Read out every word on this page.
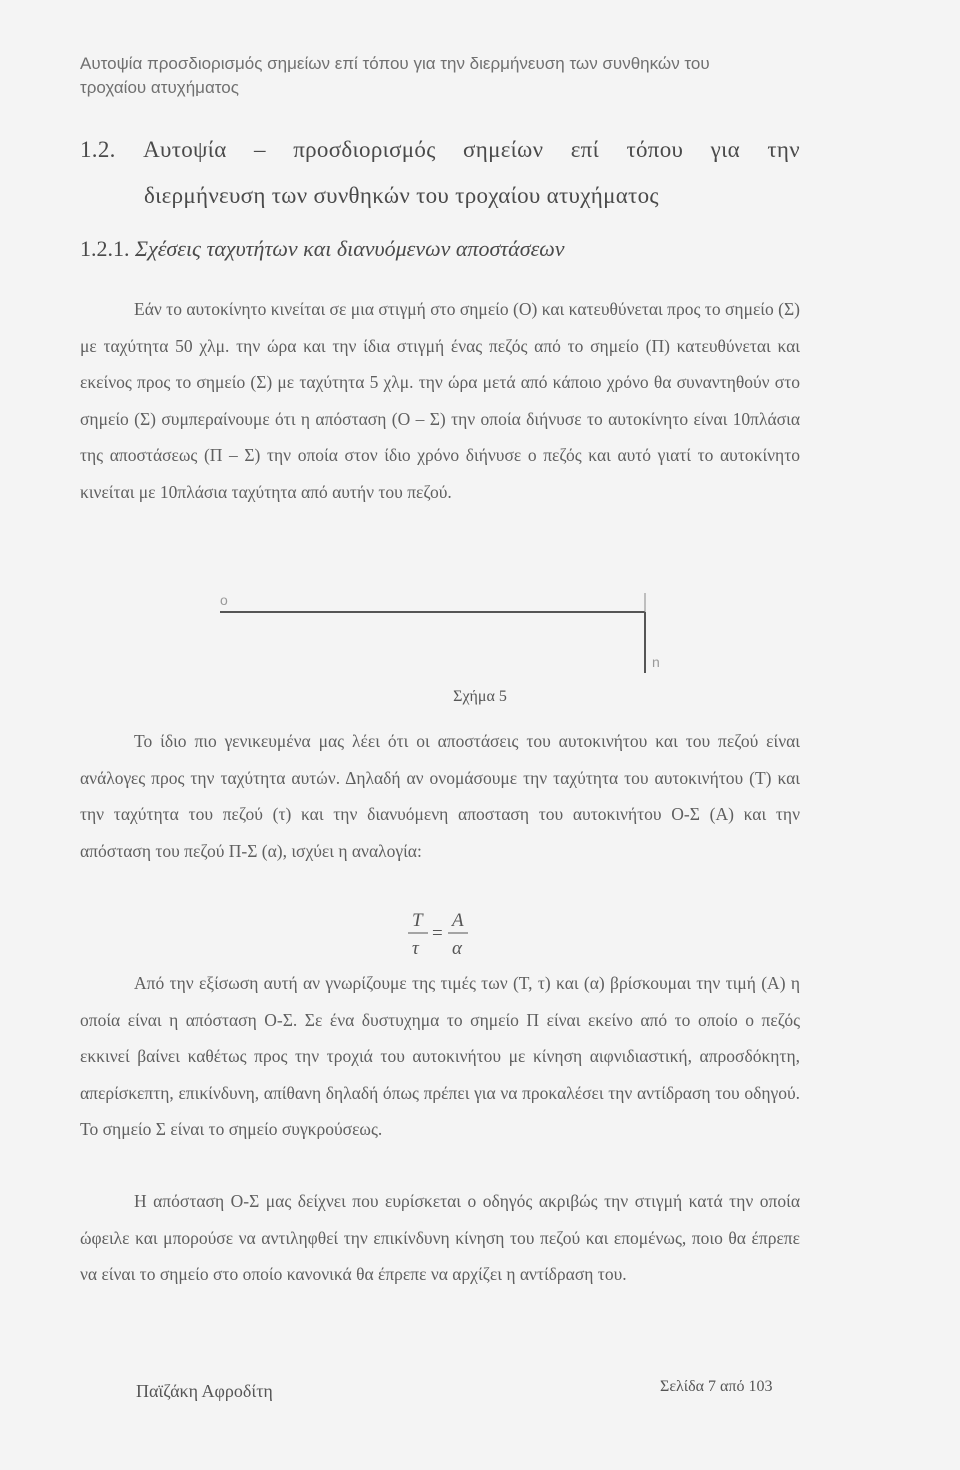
Αυτοψία προσδιορισμός σημείων επί τόπου για την διερμήνευση των συνθηκών του τροχαίου ατυχήματος
1.2. Αυτοψία – προσδιορισμός σημείων επί τόπου για την
διερμήνευση των συνθηκών του τροχαίου ατυχήματος
1.2.1. Σχέσεις ταχυτήτων και διανυόμενων αποστάσεων
Εάν το αυτοκίνητο κινείται σε μια στιγμή στο σημείο (Ο) και κατευθύνεται προς το σημείο (Σ) με ταχύτητα 50 χλμ. την ώρα και την ίδια στιγμή ένας πεζός από το σημείο (Π) κατευθύνεται και εκείνος προς το σημείο (Σ) με ταχύτητα 5 χλμ. την ώρα μετά από κάποιο χρόνο θα συναντηθούν στο σημείο (Σ) συμπεραίνουμε ότι η απόσταση (Ο – Σ) την οποία διήνυσε το αυτοκίνητο είναι 10πλάσια της αποστάσεως (Π – Σ) την οποία στον ίδιο χρόνο διήνυσε ο πεζός και αυτό γιατί το αυτοκίνητο κινείται με 10πλάσια ταχύτητα από αυτήν του πεζού.
o
n
Σχήμα 5
Το ίδιο πιο γενικευμένα μας λέει ότι οι αποστάσεις του αυτοκινήτου και του πεζού είναι ανάλογες προς την ταχύτητα αυτών. Δηλαδή αν ονομάσουμε την ταχύτητα του αυτοκινήτου (Τ) και την ταχύτητα του πεζού (τ) και την διανυόμενη αποσταση του αυτοκινήτου Ο-Σ (Α) και την απόσταση του πεζού Π-Σ (α), ισχύει η αναλογία:
T
τ
=
A
α
Από την εξίσωση αυτή αν γνωρίζουμε της τιμές των (Τ, τ) και (α) βρίσκουμαι την τιμή (Α) η οποία είναι η απόσταση Ο-Σ. Σε ένα δυστυχημα το σημείο Π είναι εκείνο από το οποίο ο πεζός εκκινεί βαίνει καθέτως προς την τροχιά του αυτοκινήτου με κίνηση αιφνιδιαστική, απροσδόκητη, απερίσκεπτη, επικίνδυνη, απίθανη δηλαδή όπως πρέπει για να προκαλέσει την αντίδραση του οδηγού. Το σημείο Σ είναι το σημείο συγκρούσεως.
Η απόσταση Ο-Σ μας δείχνει που ευρίσκεται ο οδηγός ακριβώς την στιγμή κατά την οποία ώφειλε και μπορούσε να αντιληφθεί την επικίνδυνη κίνηση του πεζού και επομένως, ποιο θα έπρεπε να είναι το σημείο στο οποίο κανονικά θα έπρεπε να αρχίζει η αντίδραση του.
Παϊζάκη Αφροδίτη	Σελίδα 7 από 103
